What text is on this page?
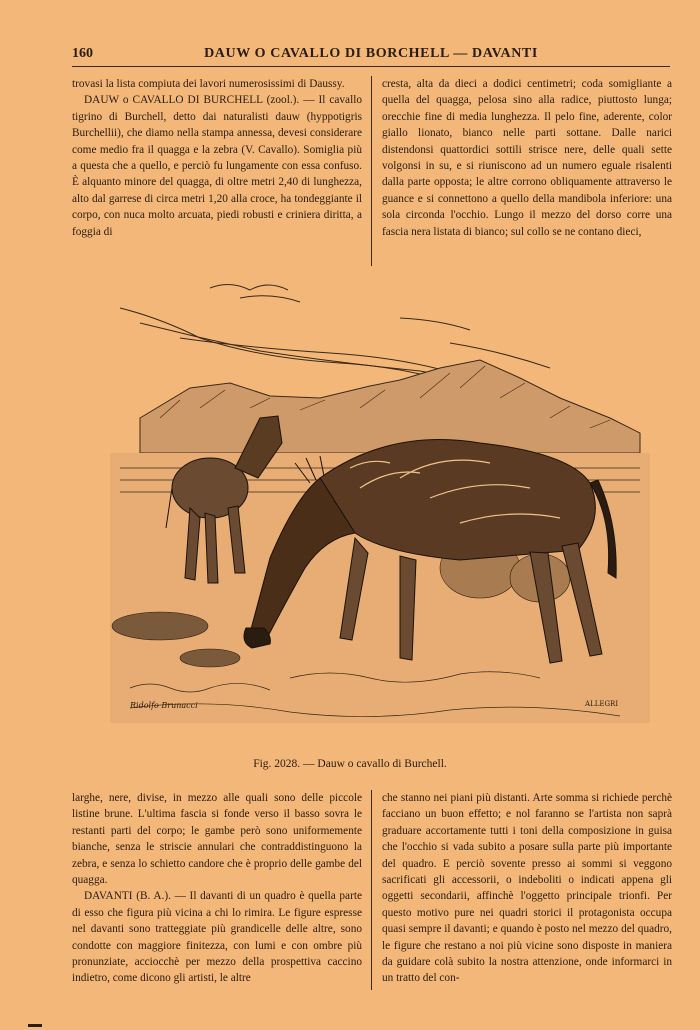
160	DAUW O CAVALLO DI BORCHELL — DAVANTI

trovasi la lista compiuta dei lavori numerosissimi di Daussy.

DAUW o CAVALLO DI BURCHELL (zool.). — Il cavallo tigrino di Burchell, detto dai naturalisti dauw (hyppotigris Burchellii), che diamo nella stampa annessa, devesi considerare come medio fra il quagga e la zebra (V. Cavallo). Somiglia più a questa che a quello, e perciò fu lungamente con essa confuso. È alquanto minore del quagga, di oltre metri 2,40 di lunghezza, alto dal garrese di circa metri 1,20 alla croce, ha tondeggiante il corpo, con nuca molto arcuata, piedi robusti e criniera diritta, a foggia di

cresta, alta da dieci a dodici centimetri; coda somigliante a quella del quagga, pelosa sino alla radice, piuttosto lunga; orecchie fine di media lunghezza. Il pelo fine, aderente, color giallo lionato, bianco nelle parti sottane. Dalle narici distendonsi quattordici sottili strisce nere, delle quali sette volgonsi in su, e si riuniscono ad un numero eguale risalenti dalla parte opposta; le altre corrono obliquamente attraverso le guance e si connettono a quello della mandibola inferiore: una sola circonda l'occhio. Lungo il mezzo del dorso corre una fascia nera listata di bianco; sul collo se ne contano dieci,

Ridolfo Brunacci	ALLEGRI
Fig. 2028. — Dauw o cavallo di Burchell.

larghe, nere, divise, in mezzo alle quali sono delle piccole listine brune. L'ultima fascia si fonde verso il basso sovra le restanti parti del corpo; le gambe però sono uniformemente bianche, senza le striscie annulari che contraddistinguono la zebra, e senza lo schietto candore che è proprio delle gambe del quagga.

DAVANTI (B. A.). — Il davanti di un quadro è quella parte di esso che figura più vicina a chi lo rimira. Le figure espresse nel davanti sono tratteggiate più grandicelle delle altre, sono condotte con maggiore finitezza, con lumi e con ombre più pronunziate, acciocchè per mezzo della prospettiva caccino indietro, come dicono gli artisti, le altre

che stanno nei piani più distanti. Arte somma si richiede perchè facciano un buon effetto; e nol faranno se l'artista non saprà graduare accortamente tutti i toni della composizione in guisa che l'occhio si vada subito a posare sulla parte più importante del quadro. E perciò sovente presso ai sommi si veggono sacrificati gli accessorii, o indeboliti o indicati appena gli oggetti secondarii, affinchè l'oggetto principale trionfi. Per questo motivo pure nei quadri storici il protagonista occupa quasi sempre il davanti; e quando è posto nel mezzo del quadro, le figure che restano a noi più vicine sono disposte in maniera da guidare colà subito la nostra attenzione, onde informarci in un tratto del con-
